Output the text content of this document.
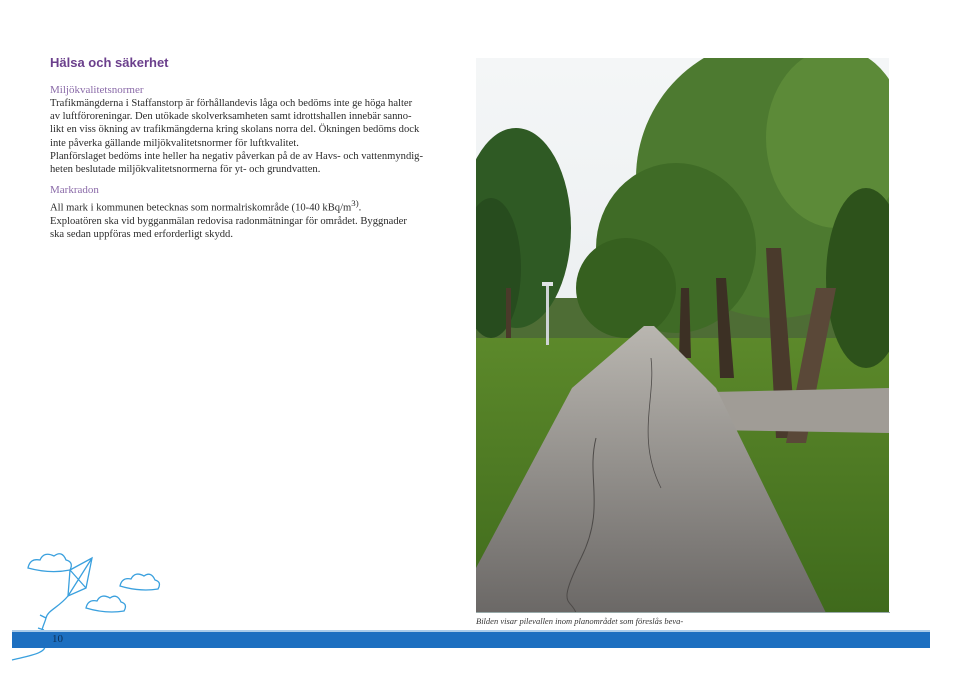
Hälsa och säkerhet

Miljökvalitetsnormer

Trafikmängderna i Staffanstorp är förhållandevis låga och bedöms inte ge höga halter

av luftföroreningar. Den utökade skolverksamheten samt idrottshallen innebär sanno-

likt en viss ökning av trafikmängderna kring skolans norra del. Ökningen bedöms dock

inte påverka gällande miljökvalitetsnormer för luftkvalitet.

Planförslaget bedöms inte heller ha negativ påverkan på de av Havs- och vattenmyndig-

heten beslutade miljökvalitetsnormerna för yt- och grundvatten.

Markradon

All mark i kommunen betecknas som normalriskområde (10-40 kBq/$m^{3)}$.

Exploatören ska vid bygganmälan redovisa radonmätningar för området. Byggnader

ska sedan uppföras med erforderligt skydd.

Bilden visar pilevallen inom planområdet som föreslås beva-
10
